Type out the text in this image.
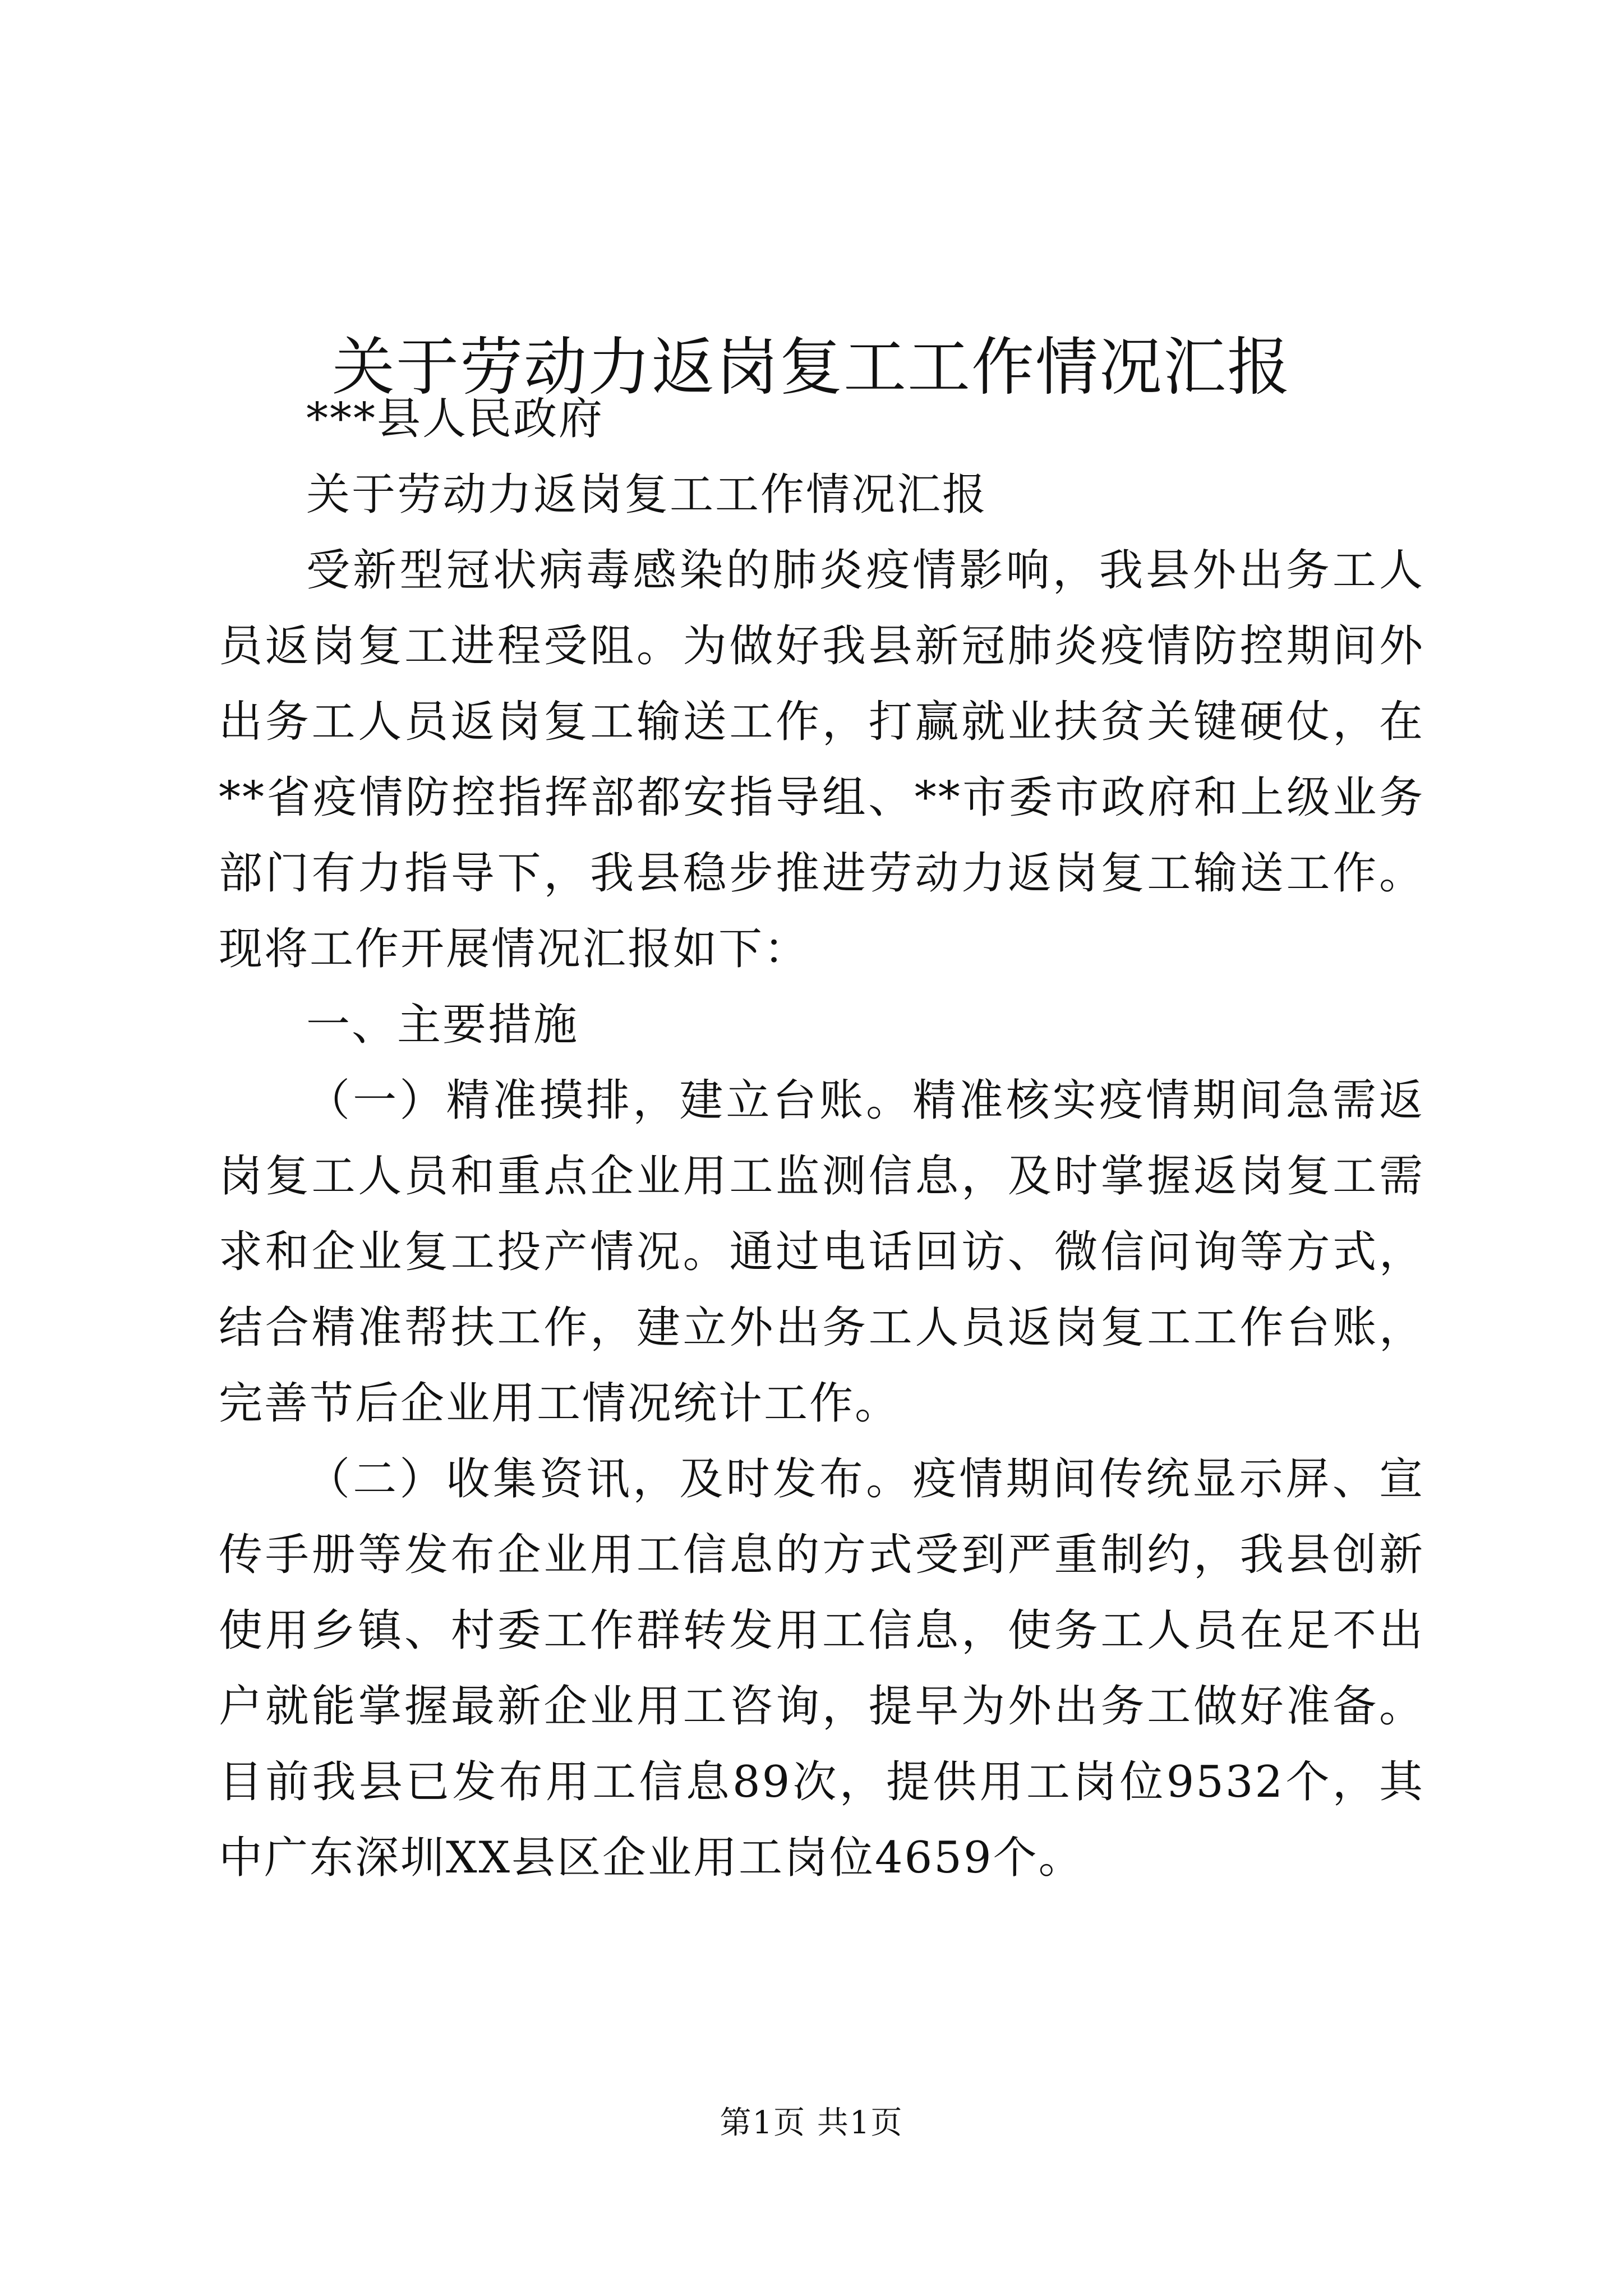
关于劳动力返岗复工工作情况汇报

***县人民政府

关于劳动力返岗复工工作情况汇报

受新型冠状病毒感染的肺炎疫情影响，我县外出务工人员返岗复工进程受阻。为做好我县新冠肺炎疫情防控期间外出务工人员返岗复工输送工作，打赢就业扶贫关键硬仗，在**省疫情防控指挥部都安指导组、**市委市政府和上级业务部门有力指导下，我县稳步推进劳动力返岗复工输送工作。现将工作开展情况汇报如下：

一、主要措施

（一）精准摸排，建立台账。精准核实疫情期间急需返岗复工人员和重点企业用工监测信息，及时掌握返岗复工需求和企业复工投产情况。通过电话回访、微信问询等方式，结合精准帮扶工作，建立外出务工人员返岗复工工作台账，完善节后企业用工情况统计工作。

（二）收集资讯，及时发布。疫情期间传统显示屏、宣传手册等发布企业用工信息的方式受到严重制约，我县创新使用乡镇、村委工作群转发用工信息，使务工人员在足不出户就能掌握最新企业用工咨询，提早为外出务工做好准备。目前我县已发布用工信息89次，提供用工岗位9532个，其中广东深圳XX县区企业用工岗位4659个。

第1页 共1页
